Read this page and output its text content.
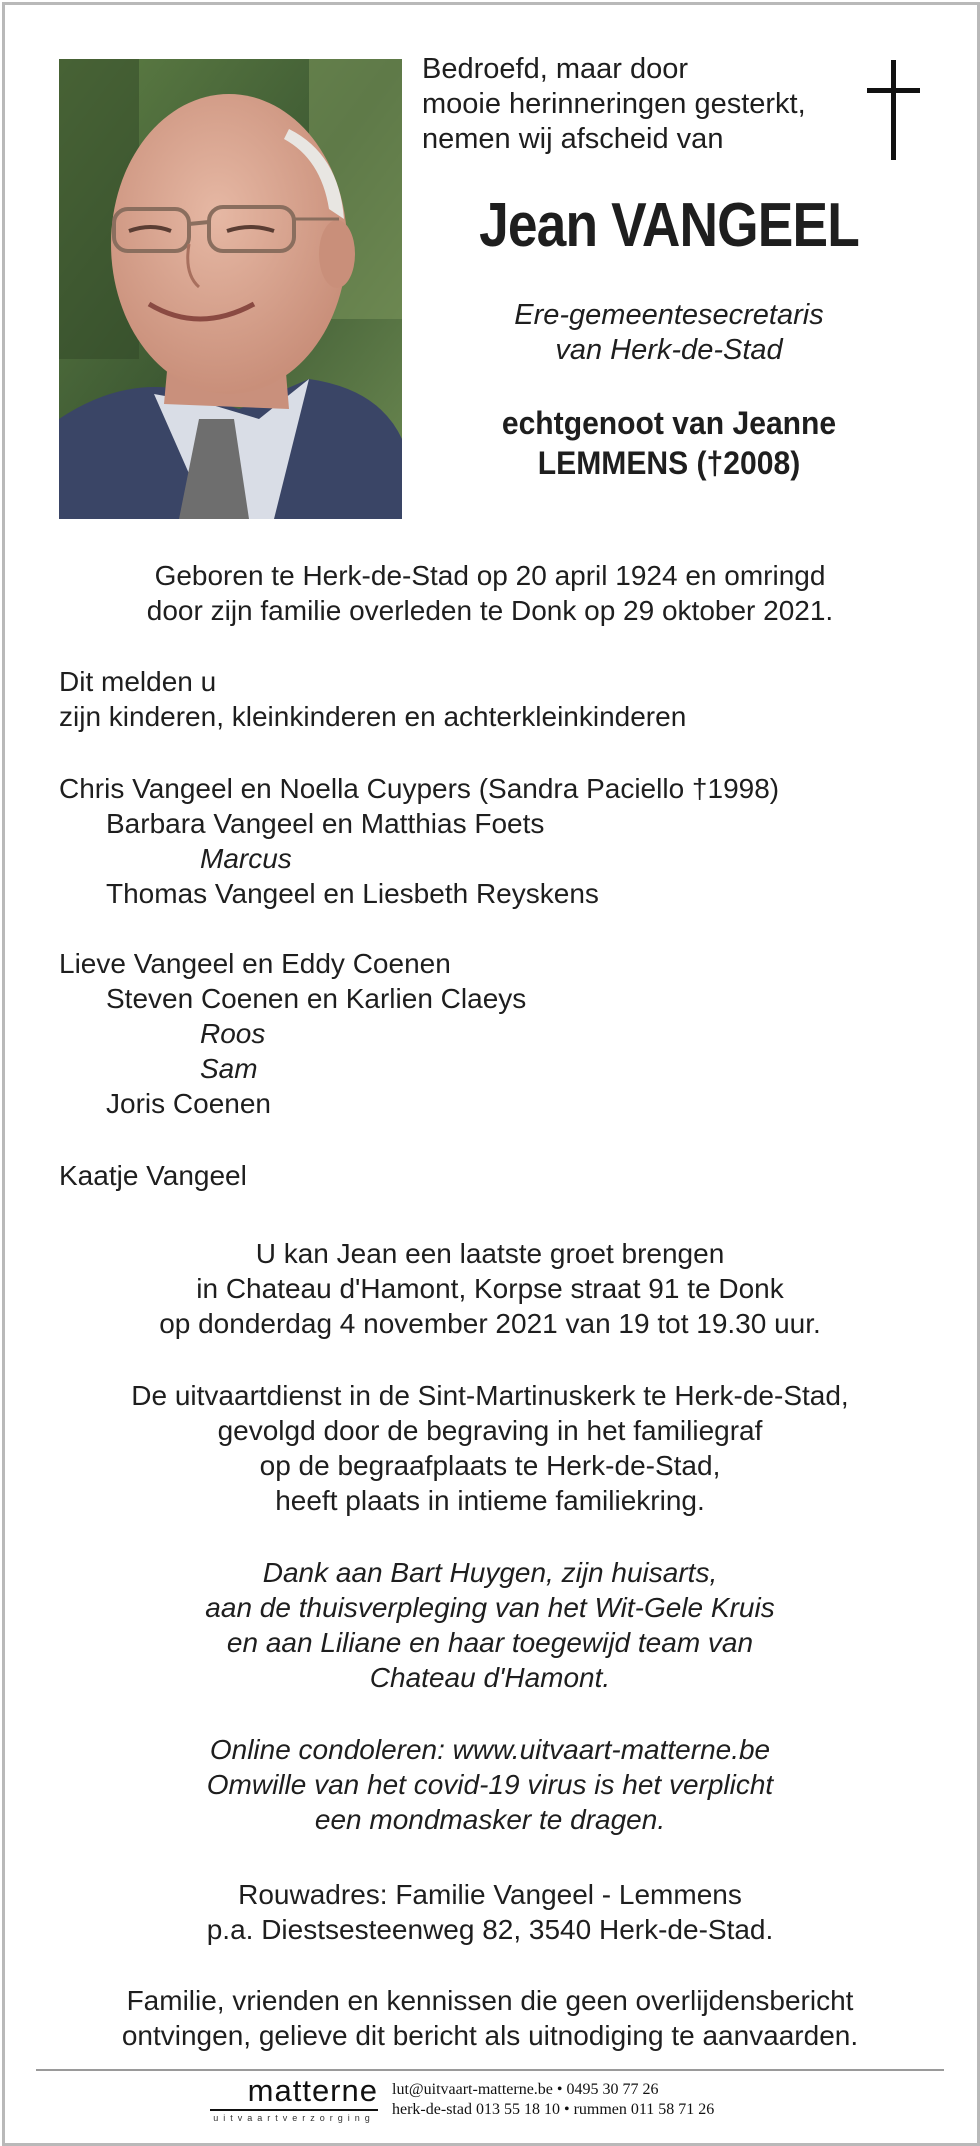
Bedroefd, maar door
mooie herinneringen gesterkt,
nemen wij afscheid van
Jean VANGEEL
Ere-gemeentesecretaris
van Herk-de-Stad
echtgenoot van Jeanne
LEMMENS (†2008)
Geboren te Herk-de-Stad op 20 april 1924 en omringd
door zijn familie overleden te Donk op 29 oktober 2021.
Dit melden u
zijn kinderen, kleinkinderen en achterkleinkinderen
Chris Vangeel en Noella Cuypers (Sandra Paciello †1998)
Barbara Vangeel en Matthias Foets
Marcus
Thomas Vangeel en Liesbeth Reyskens
Lieve Vangeel en Eddy Coenen
Steven Coenen en Karlien Claeys
Roos
Sam
Joris Coenen
Kaatje Vangeel
U kan Jean een laatste groet brengen
in Chateau d'Hamont, Korpse straat 91 te Donk
op donderdag 4 november 2021 van 19 tot 19.30 uur.
De uitvaartdienst in de Sint-Martinuskerk te Herk-de-Stad,
gevolgd door de begraving in het familiegraf
op de begraafplaats te Herk-de-Stad,
heeft plaats in intieme familiekring.
Dank aan Bart Huygen, zijn huisarts,
aan de thuisverpleging van het Wit-Gele Kruis
en aan Liliane en haar toegewijd team van
Chateau d'Hamont.
Online condoleren: www.uitvaart-matterne.be
Omwille van het covid-19 virus is het verplicht
een mondmasker te dragen.
Rouwadres: Familie Vangeel - Lemmens
p.a. Diestsesteenweg 82, 3540 Herk-de-Stad.
Familie, vrienden en kennissen die geen overlijdensbericht
ontvingen, gelieve dit bericht als uitnodiging te aanvaarden.
matterne
uitvaartverzorging
lut@uitvaart-matterne.be • 0495 30 77 26
herk-de-stad 013 55 18 10 • rummen 011 58 71 26
